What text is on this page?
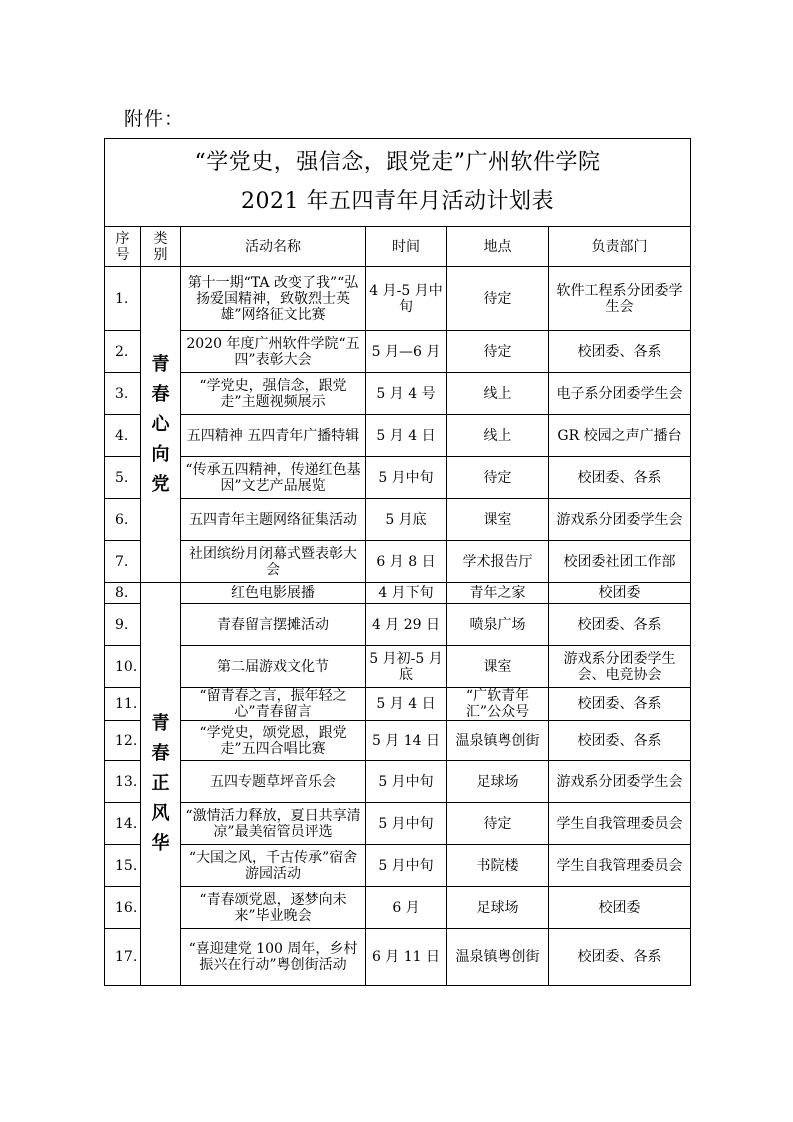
附件：
“学党史，强信念，跟党走”广州软件学院
2021 年五四青年月活动计划表					

序号	类别	活动名称	时间	地点	负责部门
1.	青春心向党	第十一期“TA 改变了我”“弘扬爱国精神，致敬烈士英雄”网络征文比赛	4 月-5 月中旬	待定	软件工程系分团委学生会
2.		2020 年度广州软件学院“五四”表彰大会	5 月—6 月	待定	校团委、各系
3.		“学党史，强信念，跟党走”主题视频展示	5 月 4 号	线上	电子系分团委学生会
4.		五四精神 五四青年广播特辑	5 月 4 日	线上	GR 校园之声广播台
5.		“传承五四精神，传递红色基因”文艺产品展览	5 月中旬	待定	校团委、各系
6.		五四青年主题网络征集活动	5 月底	课室	游戏系分团委学生会
7.		社团缤纷月闭幕式暨表彰大会	6 月 8 日	学术报告厅	校团委社团工作部
8.	青春正风华	红色电影展播	4 月下旬	青年之家	校团委
9.		青春留言摆摊活动	4 月 29 日	喷泉广场	校团委、各系
10.		第二届游戏文化节	5 月初-5 月底	课室	游戏系分团委学生会、电竞协会
11.		“留青春之言，振年轻之心”青春留言	5 月 4 日	“广软青年汇”公众号	校团委、各系
12.		“学党史，颂党恩，跟党走”五四合唱比赛	5 月 14 日	温泉镇粤创街	校团委、各系
13.		五四专题草坪音乐会	5 月中旬	足球场	游戏系分团委学生会
14.		“激情活力释放，夏日共享清凉”最美宿管员评选	5 月中旬	待定	学生自我管理委员会
15.		“大国之风，千古传承”宿舍游园活动	5 月中旬	书院楼	学生自我管理委员会
16.		“青春颂党恩，逐梦向未来”毕业晚会	6 月	足球场	校团委
17.		“喜迎建党 100 周年，乡村振兴在行动”粤创街活动	6 月 11 日	温泉镇粤创街	校团委、各系
